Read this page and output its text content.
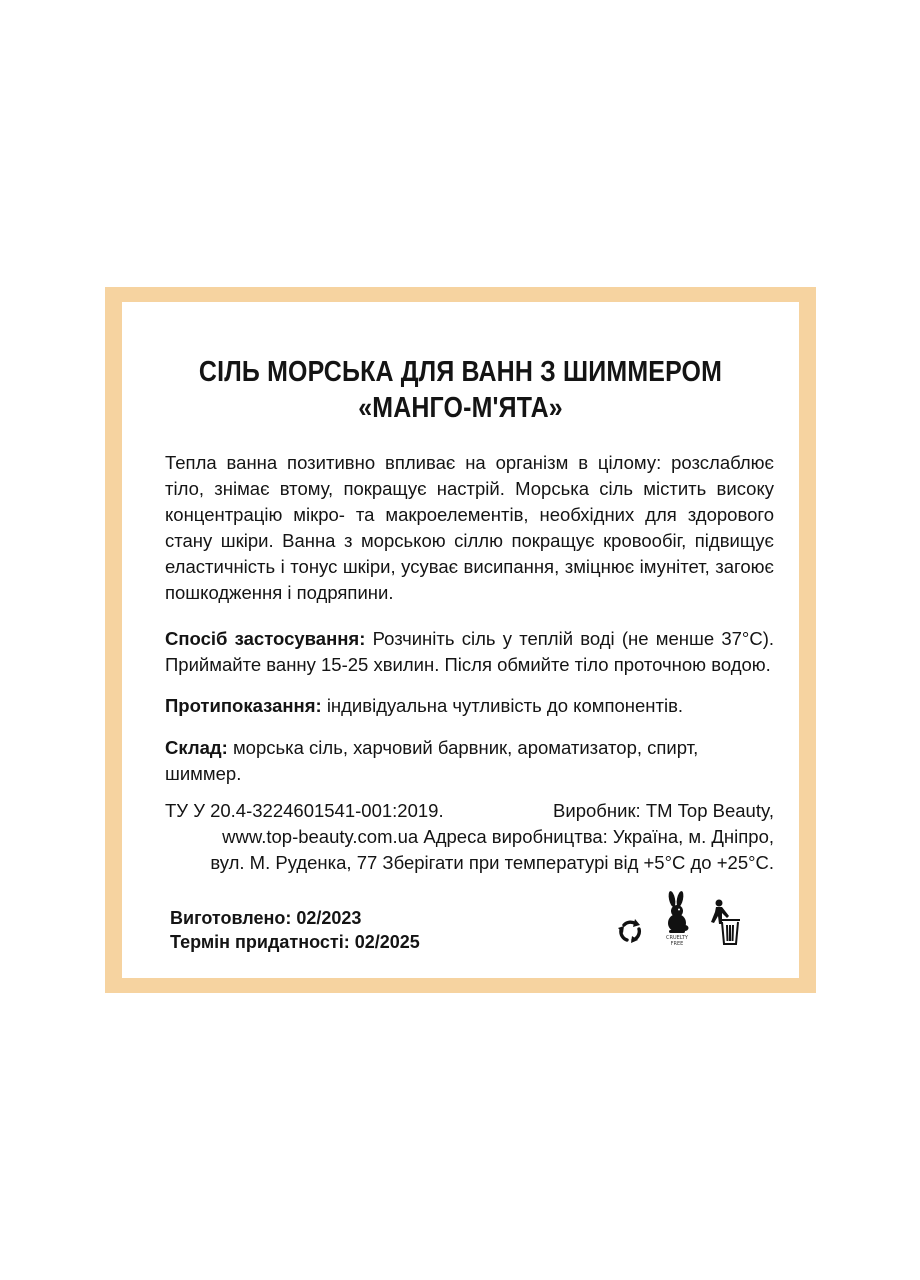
СІЛЬ МОРСЬКА ДЛЯ ВАНН З ШИММЕРОМ
«МАНГО-М'ЯТА»
Тепла ванна позитивно впливає на організм в цілому: розслаблює тіло, знімає втому, покращує настрій. Морська сіль містить високу концентрацію мікро- та макроелементів, необхідних для здорового стану шкіри. Ванна з морською сіллю покращує кровообіг, підвищує еластичність і тонус шкіри, усуває висипання, зміцнює імунітет, загоює пошкодження і подряпини.
Спосіб застосування: Розчиніть сіль у теплій воді (не менше 37°С). Приймайте ванну 15-25 хвилин. Після обмийте тіло проточною водою.
Протипоказання: індивідуальна чутливість до компонентів.
Склад: морська сіль, харчовий барвник, ароматизатор, спирт, шиммер.
ТУ У 20.4-3224601541-001:2019.	Виробник: ТМ Top Beauty,
www.top-beauty.com.ua Адреса виробництва: Україна, м. Дніпро,
вул. М. Руденка, 77 Зберігати при температурі від +5°С до +25°С.
Виготовлено: 02/2023
Термін придатності: 02/2025	CRUELTY
FREE
